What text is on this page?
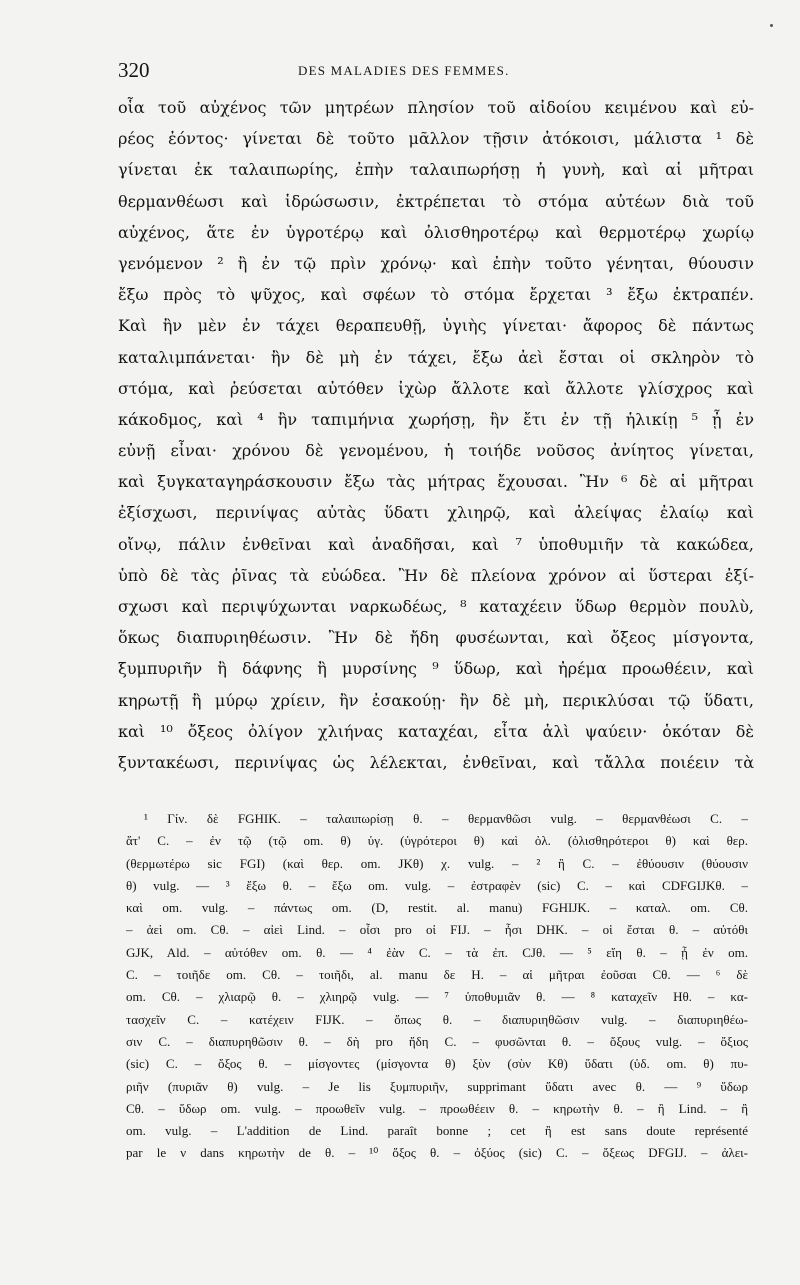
320	DES MALADIES DES FEMMES.
οἷα τοῦ αὐχένος τῶν μητρέων πλησίον τοῦ αἰδοίου κειμένου καὶ εὐ-
ρέος ἐόντος· γίνεται δὲ τοῦτο μᾶλλον τῇσιν ἀτόκοισι, μάλιστα ¹ δὲ
γίνεται ἐκ ταλαιπωρίης, ἐπὴν ταλαιπωρήσῃ ἡ γυνὴ, καὶ αἱ μῆτραι
θερμανθέωσι καὶ ἱδρώσωσιν, ἐκτρέπεται τὸ στόμα αὐτέων διὰ τοῦ
αὐχένος, ἅτε ἐν ὑγροτέρῳ καὶ ὀλισθηροτέρῳ καὶ θερμοτέρῳ χωρίῳ
γενόμενον ² ἢ ἐν τῷ πρὶν χρόνῳ· καὶ ἐπὴν τοῦτο γένηται, θύουσιν
ἔξω πρὸς τὸ ψῦχος, καὶ σφέων τὸ στόμα ἔρχεται ³ ἔξω ἐκτραπέν.
Καὶ ἢν μὲν ἐν τάχει θεραπευθῇ, ὑγιὴς γίνεται· ἄφορος δὲ πάντως
καταλιμπάνεται· ἢν δὲ μὴ ἐν τάχει, ἔξω ἀεὶ ἔσται οἱ σκληρὸν τὸ
στόμα, καὶ ῥεύσεται αὐτόθεν ἰχὼρ ἄλλοτε καὶ ἄλλοτε γλίσχρος καὶ
κάκοδμος, καὶ ⁴ ἢν ταπιμήνια χωρήσῃ, ἢν ἔτι ἐν τῇ ἡλικίῃ ⁵ ᾖ ἐν
εὐνῇ εἶναι· χρόνου δὲ γενομένου, ἡ τοιήδε νοῦσος ἀνίητος γίνεται,
καὶ ξυγκαταγηράσκουσιν ἔξω τὰς μήτρας ἔχουσαι. Ἢν ⁶ δὲ αἱ μῆτραι
ἐξίσχωσι, περινίψας αὐτὰς ὕδατι χλιηρῷ, καὶ ἀλείψας ἐλαίῳ καὶ
οἴνῳ, πάλιν ἐνθεῖναι καὶ ἀναδῆσαι, καὶ ⁷ ὑποθυμιῆν τὰ κακώδεα,
ὑπὸ δὲ τὰς ῥῖνας τὰ εὐώδεα. Ἢν δὲ πλείονα χρόνον αἱ ὕστεραι ἐξί-
σχωσι καὶ περιψύχωνται ναρκωδέως, ⁸ καταχέειν ὕδωρ θερμὸν πουλὺ,
ὅκως διαπυριηθέωσιν. Ἢν δὲ ἤδη φυσέωνται, καὶ ὄξεος μίσγοντα,
ξυμπυριῆν ἢ δάφνης ἢ μυρσίνης ⁹ ὕδωρ, καὶ ἠρέμα προωθέειν, καὶ
κηρωτῇ ἢ μύρῳ χρίειν, ἢν ἐσακούῃ· ἢν δὲ μὴ, περικλύσαι τῷ ὕδατι,
καὶ ¹⁰ ὄξεος ὀλίγον χλιήνας καταχέαι, εἶτα ἁλὶ ψαύειν· ὁκόταν δὲ
ξυντακέωσι, περινίψας ὡς λέλεκται, ἐνθεῖναι, καὶ τἄλλα ποιέειν τὰ
¹ Γίν. δὲ FGHIK. – ταλαιπωρίσῃ θ. – θερμανθῶσι vulg. – θερμανθέωσι C. –
ἅτ' C. – ἐν τῷ (τῷ om. θ) ὑγ. (ὑγρότεροι θ) καὶ ὀλ. (ὀλισθηρότεροι θ) καὶ θερ.
(θερμωτέρω sic FGI) (καὶ θερ. om. JKθ) χ. vulg. – ² ἢ C. – ἐθύουσιν (θύουσιν
θ) vulg. — ³ ἔξω θ. – ἔξω om. vulg. – ἐστραφὲν (sic) C. – καὶ CDFGIJKθ. –
καὶ om. vulg. – πάντως om. (D, restit. al. manu) FGHIJK. – καταλ. om. Cθ.
– ἀεὶ om. Cθ. – αἰεὶ Lind. – οἶσι pro οἱ FIJ. – ἦσι DHK. – οἱ ἔσται θ. – αὐτόθι
GJK, Ald. – αὐτόθεν om. θ. — ⁴ ἐὰν C. – τὰ ἐπ. CJθ. — ⁵ εἴη θ. – ᾖ ἐν om.
C. – τοιῆδε om. Cθ. – τοιῆδι, al. manu δε H. – αἱ μῆτραι ἐοῦσαι Cθ. — ⁶ δὲ
om. Cθ. – χλιαρῷ θ. – χλιηρῷ vulg. — ⁷ ὑποθυμιᾶν θ. — ⁸ καταχεῖν Hθ. – κα-
τασχεῖν C. – κατέχειν FIJK. – ὅπως θ. – διαπυριηθῶσιν vulg. – διαπυριηθέω-
σιν C. – διαπυρηθῶσιν θ. – δὴ pro ἤδη C. – φυσῶνται θ. – ὄξους vulg. – ὄξιος
(sic) C. – ὄξος θ. – μίσγοντες (μίσγοντα θ) ξὺν (σὺν Kθ) ὕδατι (ὑδ. om. θ) πυ-
ριῆν (πυριᾶν θ) vulg. – Je lis ξυμπυριῆν, supprimant ὕδατι avec θ. — ⁹ ὕδωρ
Cθ. – ὕδωρ om. vulg. – προωθεῖν vulg. – προωθέειν θ. – κηρωτὴν θ. – ἢ Lind. – ἢ
om. vulg. – L'addition de Lind. paraît bonne ; cet ἢ est sans doute représenté
par le ν dans κηρωτὴν de θ. – ¹⁰ ὄξος θ. – ὀξύος (sic) C. – ὄξεως DFGIJ. – ἀλει-
